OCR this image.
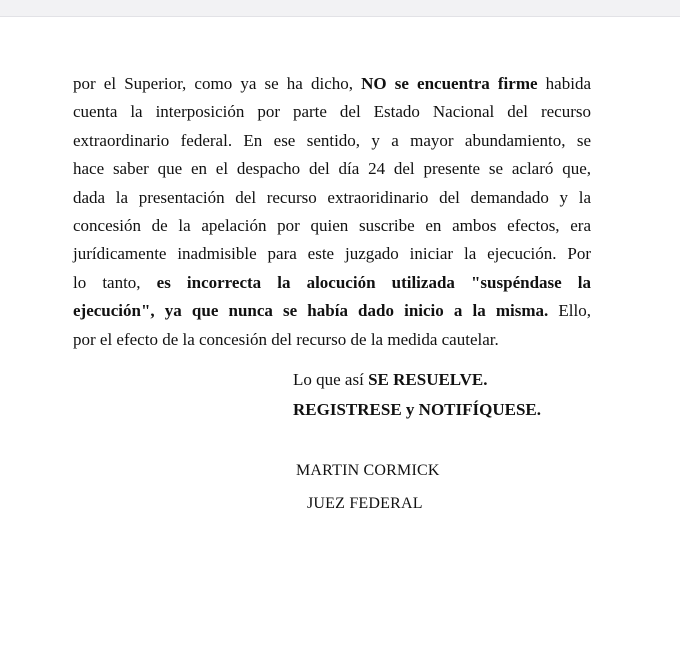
por el Superior, como ya se ha dicho, NO se encuentra firme habida
cuenta la interposición por parte del Estado Nacional del recurso
extraordinario federal. En ese sentido, y a mayor abundamiento, se
hace saber que en el despacho del día 24 del presente se aclaró que,
dada la presentación del recurso extraoridinario del demandado y la
concesión de la apelación por quien suscribe en ambos efectos, era
jurídicamente inadmisible para este juzgado iniciar la ejecución. Por
lo tanto, es incorrecta la alocución utilizada "suspéndase la
ejecución", ya que nunca se había dado inicio a la misma. Ello,
por el efecto de la concesión del recurso de la medida cautelar.
Lo que así SE RESUELVE.
REGISTRESE y NOTIFÍQUESE.
MARTIN CORMICK
JUEZ FEDERAL
